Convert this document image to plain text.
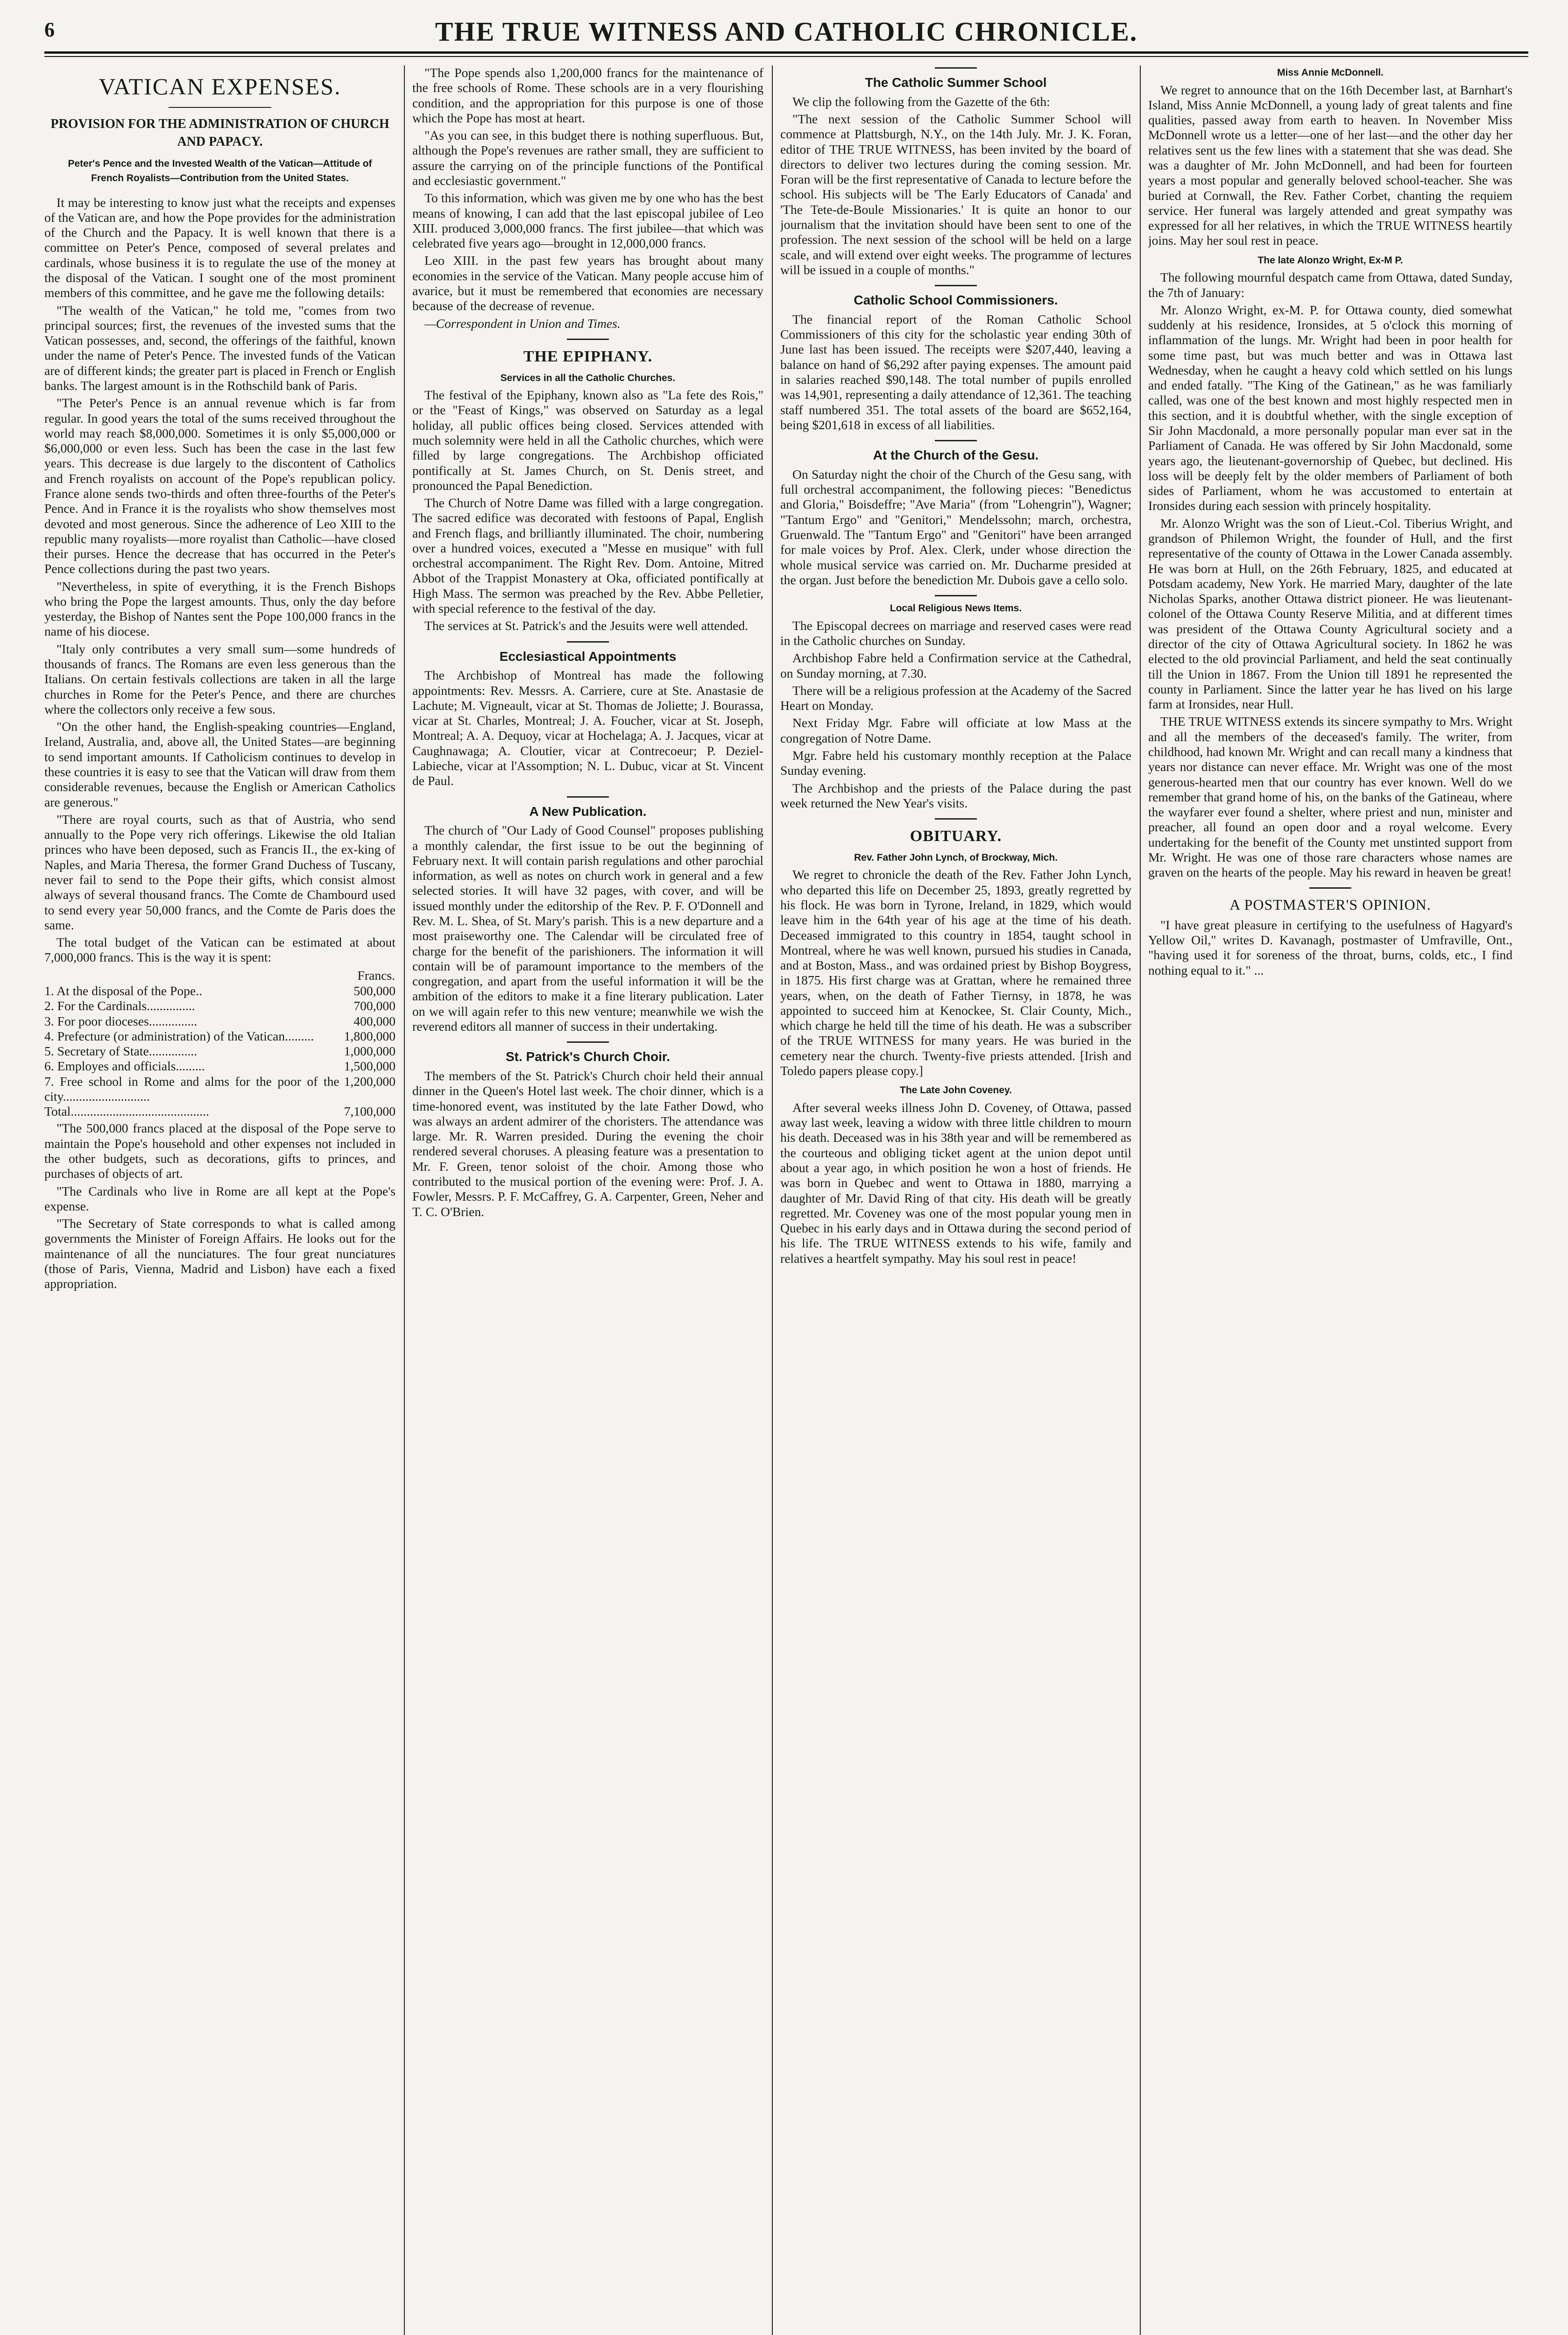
6	THE TRUE WITNESS AND CATHOLIC CHRONICLE.
VATICAN EXPENSES.
PROVISION FOR THE ADMINISTRATION OF CHURCH AND PAPACY.
Peter's Pence and the Invested Wealth of the Vatican—Attitude of French Royalists—Contribution from the United States.

It may be interesting to know just what the receipts and expenses of the Vatican are, and how the Pope provides for the administration of the Church and the Papacy. It is well known that there is a committee on Peter's Pence, composed of several prelates and cardinals, whose business it is to regulate the use of the money at the disposal of the Vatican. I sought one of the most prominent members of this committee, and he gave me the following details:

"The wealth of the Vatican," he told me, "comes from two principal sources; first, the revenues of the invested sums that the Vatican possesses, and, second, the offerings of the faithful, known under the name of Peter's Pence. The invested funds of the Vatican are of different kinds; the greater part is placed in French or English banks. The largest amount is in the Rothschild bank of Paris.

"The Peter's Pence is an annual revenue which is far from regular. In good years the total of the sums received throughout the world may reach $8,000,000. Sometimes it is only $5,000,000 or $6,000,000 or even less. Such has been the case in the last few years. This decrease is due largely to the discontent of Catholics and French royalists on account of the Pope's republican policy. France alone sends two-thirds and often three-fourths of the Peter's Pence. And in France it is the royalists who show themselves most devoted and most generous. Since the adherence of Leo XIII to the republic many royalists—more royalist than Catholic—have closed their purses. Hence the decrease that has occurred in the Peter's Pence collections during the past two years.

"Nevertheless, in spite of everything, it is the French Bishops who bring the Pope the largest amounts. Thus, only the day before yesterday, the Bishop of Nantes sent the Pope 100,000 francs in the name of his diocese.

"Italy only contributes a very small sum—some hundreds of thousands of francs. The Romans are even less generous than the Italians. On certain festivals collections are taken in all the large churches in Rome for the Peter's Pence, and there are churches where the collectors only receive a few sous.

"On the other hand, the English-speaking countries—England, Ireland, Australia, and, above all, the United States—are beginning to send important amounts. If Catholicism continues to develop in these countries it is easy to see that the Vatican will draw from them considerable revenues, because the English or American Catholics are generous."

"There are royal courts, such as that of Austria, who send annually to the Pope very rich offerings. Likewise the old Italian princes who have been deposed, such as Francis II., the ex-king of Naples, and Maria Theresa, the former Grand Duchess of Tuscany, never fail to send to the Pope their gifts, which consist almost always of several thousand francs. The Comte de Chambourd used to send every year 50,000 francs, and the Comte de Paris does the same.

The total budget of the Vatican can be estimated at about 7,000,000 francs. This is the way it is spent:

	Francs.
1. At the disposal of the Pope..	500,000
2. For the Cardinals...............	700,000
3. For poor dioceses...............	400,000
4. Prefecture (or administration) of the Vatican.........	1,800,000
5. Secretary of State...............	1,000,000
6. Employes and officials.........	1,500,000
7. Free school in Rome and alms for the poor of the city...........................	1,200,000
Total...........................................	7,100,000

"The 500,000 francs placed at the disposal of the Pope serve to maintain the Pope's household and other expenses not included in the other budgets, such as decorations, gifts to princes, and purchases of objects of art.

"The Cardinals who live in Rome are all kept at the Pope's expense.

"The Secretary of State corresponds to what is called among governments the Minister of Foreign Affairs. He looks out for the maintenance of all the nunciatures. The four great nunciatures (those of Paris, Vienna, Madrid and Lisbon) have each a fixed appropriation.

"The Pope spends also 1,200,000 francs for the maintenance of the free schools of Rome. These schools are in a very flourishing condition, and the appropriation for this purpose is one of those which the Pope has most at heart.

"As you can see, in this budget there is nothing superfluous. But, although the Pope's revenues are rather small, they are sufficient to assure the carrying on of the principle functions of the Pontifical and ecclesiastic government."

To this information, which was given me by one who has the best means of knowing, I can add that the last episcopal jubilee of Leo XIII. produced 3,000,000 francs. The first jubilee—that which was celebrated five years ago—brought in 12,000,000 francs.

Leo XIII. in the past few years has brought about many economies in the service of the Vatican. Many people accuse him of avarice, but it must be remembered that economies are necessary because of the decrease of revenue.

—Correspondent in Union and Times.

THE EPIPHANY.
Services in all the Catholic Churches.

The festival of the Epiphany, known also as "La fete des Rois," or the "Feast of Kings," was observed on Saturday as a legal holiday, all public offices being closed. Services attended with much solemnity were held in all the Catholic churches, which were filled by large congregations. The Archbishop officiated pontifically at St. James Church, on St. Denis street, and pronounced the Papal Benediction.

The Church of Notre Dame was filled with a large congregation. The sacred edifice was decorated with festoons of Papal, English and French flags, and brilliantly illuminated. The choir, numbering over a hundred voices, executed a "Messe en musique" with full orchestral accompaniment. The Right Rev. Dom. Antoine, Mitred Abbot of the Trappist Monastery at Oka, officiated pontifically at High Mass. The sermon was preached by the Rev. Abbe Pelletier, with special reference to the festival of the day.

The services at St. Patrick's and the Jesuits were well attended.

Ecclesiastical Appointments

The Archbishop of Montreal has made the following appointments: Rev. Messrs. A. Carriere, cure at Ste. Anastasie de Lachute; M. Vigneault, vicar at St. Thomas de Joliette; J. Bourassa, vicar at St. Charles, Montreal; J. A. Foucher, vicar at St. Joseph, Montreal; A. A. Dequoy, vicar at Hochelaga; A. J. Jacques, vicar at Caughnawaga; A. Cloutier, vicar at Contrecoeur; P. Deziel-Labieche, vicar at l'Assomption; N. L. Dubuc, vicar at St. Vincent de Paul.

A New Publication.

The church of "Our Lady of Good Counsel" proposes publishing a monthly calendar, the first issue to be out the beginning of February next. It will contain parish regulations and other parochial information, as well as notes on church work in general and a few selected stories. It will have 32 pages, with cover, and will be issued monthly under the editorship of the Rev. P. F. O'Donnell and Rev. M. L. Shea, of St. Mary's parish. This is a new departure and a most praiseworthy one. The Calendar will be circulated free of charge for the benefit of the parishioners. The information it will contain will be of paramount importance to the members of the congregation, and apart from the useful information it will be the ambition of the editors to make it a fine literary publication. Later on we will again refer to this new venture; meanwhile we wish the reverend editors all manner of success in their undertaking.

St. Patrick's Church Choir.

The members of the St. Patrick's Church choir held their annual dinner in the Queen's Hotel last week. The choir dinner, which is a time-honored event, was instituted by the late Father Dowd, who was always an ardent admirer of the choristers. The attendance was large. Mr. R. Warren presided. During the evening the choir rendered several choruses. A pleasing feature was a presentation to Mr. F. Green, tenor soloist of the choir. Among those who contributed to the musical portion of the evening were: Prof. J. A. Fowler, Messrs. P. F. McCaffrey, G. A. Carpenter, Green, Neher and T. C. O'Brien.

The Catholic Summer School

We clip the following from the Gazette of the 6th:

"The next session of the Catholic Summer School will commence at Plattsburgh, N.Y., on the 14th July. Mr. J. K. Foran, editor of THE TRUE WITNESS, has been invited by the board of directors to deliver two lectures during the coming session. Mr. Foran will be the first representative of Canada to lecture before the school. His subjects will be 'The Early Educators of Canada' and 'The Tete-de-Boule Missionaries.' It is quite an honor to our journalism that the invitation should have been sent to one of the profession. The next session of the school will be held on a large scale, and will extend over eight weeks. The programme of lectures will be issued in a couple of months."

Catholic School Commissioners.

The financial report of the Roman Catholic School Commissioners of this city for the scholastic year ending 30th of June last has been issued. The receipts were $207,440, leaving a balance on hand of $6,292 after paying expenses. The amount paid in salaries reached $90,148. The total number of pupils enrolled was 14,901, representing a daily attendance of 12,361. The teaching staff numbered 351. The total assets of the board are $652,164, being $201,618 in excess of all liabilities.

At the Church of the Gesu.

On Saturday night the choir of the Church of the Gesu sang, with full orchestral accompaniment, the following pieces: "Benedictus and Gloria," Boisdeffre; "Ave Maria" (from "Lohengrin"), Wagner; "Tantum Ergo" and "Genitori," Mendelssohn; march, orchestra, Gruenwald. The "Tantum Ergo" and "Genitori" have been arranged for male voices by Prof. Alex. Clerk, under whose direction the whole musical service was carried on. Mr. Ducharme presided at the organ. Just before the benediction Mr. Dubois gave a cello solo.

Local Religious News Items.

The Episcopal decrees on marriage and reserved cases were read in the Catholic churches on Sunday.

Archbishop Fabre held a Confirmation service at the Cathedral, on Sunday morning, at 7.30.

There will be a religious profession at the Academy of the Sacred Heart on Monday.

Next Friday Mgr. Fabre will officiate at low Mass at the congregation of Notre Dame.

Mgr. Fabre held his customary monthly reception at the Palace Sunday evening.

The Archbishop and the priests of the Palace during the past week returned the New Year's visits.

OBITUARY.
Rev. Father John Lynch, of Brockway, Mich.

We regret to chronicle the death of the Rev. Father John Lynch, who departed this life on December 25, 1893, greatly regretted by his flock. He was born in Tyrone, Ireland, in 1829, which would leave him in the 64th year of his age at the time of his death. Deceased immigrated to this country in 1854, taught school in Montreal, where he was well known, pursued his studies in Canada, and at Boston, Mass., and was ordained priest by Bishop Boygress, in 1875. His first charge was at Grattan, where he remained three years, when, on the death of Father Tiernsy, in 1878, he was appointed to succeed him at Kenockee, St. Clair County, Mich., which charge he held till the time of his death. He was a subscriber of the TRUE WITNESS for many years. He was buried in the cemetery near the church. Twenty-five priests attended. [Irish and Toledo papers please copy.]

The Late John Coveney.

After several weeks illness John D. Coveney, of Ottawa, passed away last week, leaving a widow with three little children to mourn his death. Deceased was in his 38th year and will be remembered as the courteous and obliging ticket agent at the union depot until about a year ago, in which position he won a host of friends. He was born in Quebec and went to Ottawa in 1880, marrying a daughter of Mr. David Ring of that city. His death will be greatly regretted. Mr. Coveney was one of the most popular young men in Quebec in his early days and in Ottawa during the second period of his life. The TRUE WITNESS extends to his wife, family and relatives a heartfelt sympathy. May his soul rest in peace!

Miss Annie McDonnell.

We regret to announce that on the 16th December last, at Barnhart's Island, Miss Annie McDonnell, a young lady of great talents and fine qualities, passed away from earth to heaven. In November Miss McDonnell wrote us a letter—one of her last—and the other day her relatives sent us the few lines with a statement that she was dead. She was a daughter of Mr. John McDonnell, and had been for fourteen years a most popular and generally beloved school-teacher. She was buried at Cornwall, the Rev. Father Corbet, chanting the requiem service. Her funeral was largely attended and great sympathy was expressed for all her relatives, in which the TRUE WITNESS heartily joins. May her soul rest in peace.

The late Alonzo Wright, Ex-M P.

The following mournful despatch came from Ottawa, dated Sunday, the 7th of January:

Mr. Alonzo Wright, ex-M. P. for Ottawa county, died somewhat suddenly at his residence, Ironsides, at 5 o'clock this morning of inflammation of the lungs. Mr. Wright had been in poor health for some time past, but was much better and was in Ottawa last Wednesday, when he caught a heavy cold which settled on his lungs and ended fatally. "The King of the Gatinean," as he was familiarly called, was one of the best known and most highly respected men in this section, and it is doubtful whether, with the single exception of Sir John Macdonald, a more personally popular man ever sat in the Parliament of Canada. He was offered by Sir John Macdonald, some years ago, the lieutenant-governorship of Quebec, but declined. His loss will be deeply felt by the older members of Parliament of both sides of Parliament, whom he was accustomed to entertain at Ironsides during each session with princely hospitality.

Mr. Alonzo Wright was the son of Lieut.-Col. Tiberius Wright, and grandson of Philemon Wright, the founder of Hull, and the first representative of the county of Ottawa in the Lower Canada assembly. He was born at Hull, on the 26th February, 1825, and educated at Potsdam academy, New York. He married Mary, daughter of the late Nicholas Sparks, another Ottawa district pioneer. He was lieutenant-colonel of the Ottawa County Reserve Militia, and at different times was president of the Ottawa County Agricultural society and a director of the city of Ottawa Agricultural society. In 1862 he was elected to the old provincial Parliament, and held the seat continually till the Union in 1867. From the Union till 1891 he represented the county in Parliament. Since the latter year he has lived on his large farm at Ironsides, near Hull.

THE TRUE WITNESS extends its sincere sympathy to Mrs. Wright and all the members of the deceased's family. The writer, from childhood, had known Mr. Wright and can recall many a kindness that years nor distance can never efface. Mr. Wright was one of the most generous-hearted men that our country has ever known. Well do we remember that grand home of his, on the banks of the Gatineau, where the wayfarer ever found a shelter, where priest and nun, minister and preacher, all found an open door and a royal welcome. Every undertaking for the benefit of the County met unstinted support from Mr. Wright. He was one of those rare characters whose names are graven on the hearts of the people. May his reward in heaven be great!

A POSTMASTER'S OPINION.

"I have great pleasure in certifying to the usefulness of Hagyard's Yellow Oil," writes D. Kavanagh, postmaster of Umfraville, Ont., "having used it for soreness of the throat, burns, colds, etc., I find nothing equal to it." ...
